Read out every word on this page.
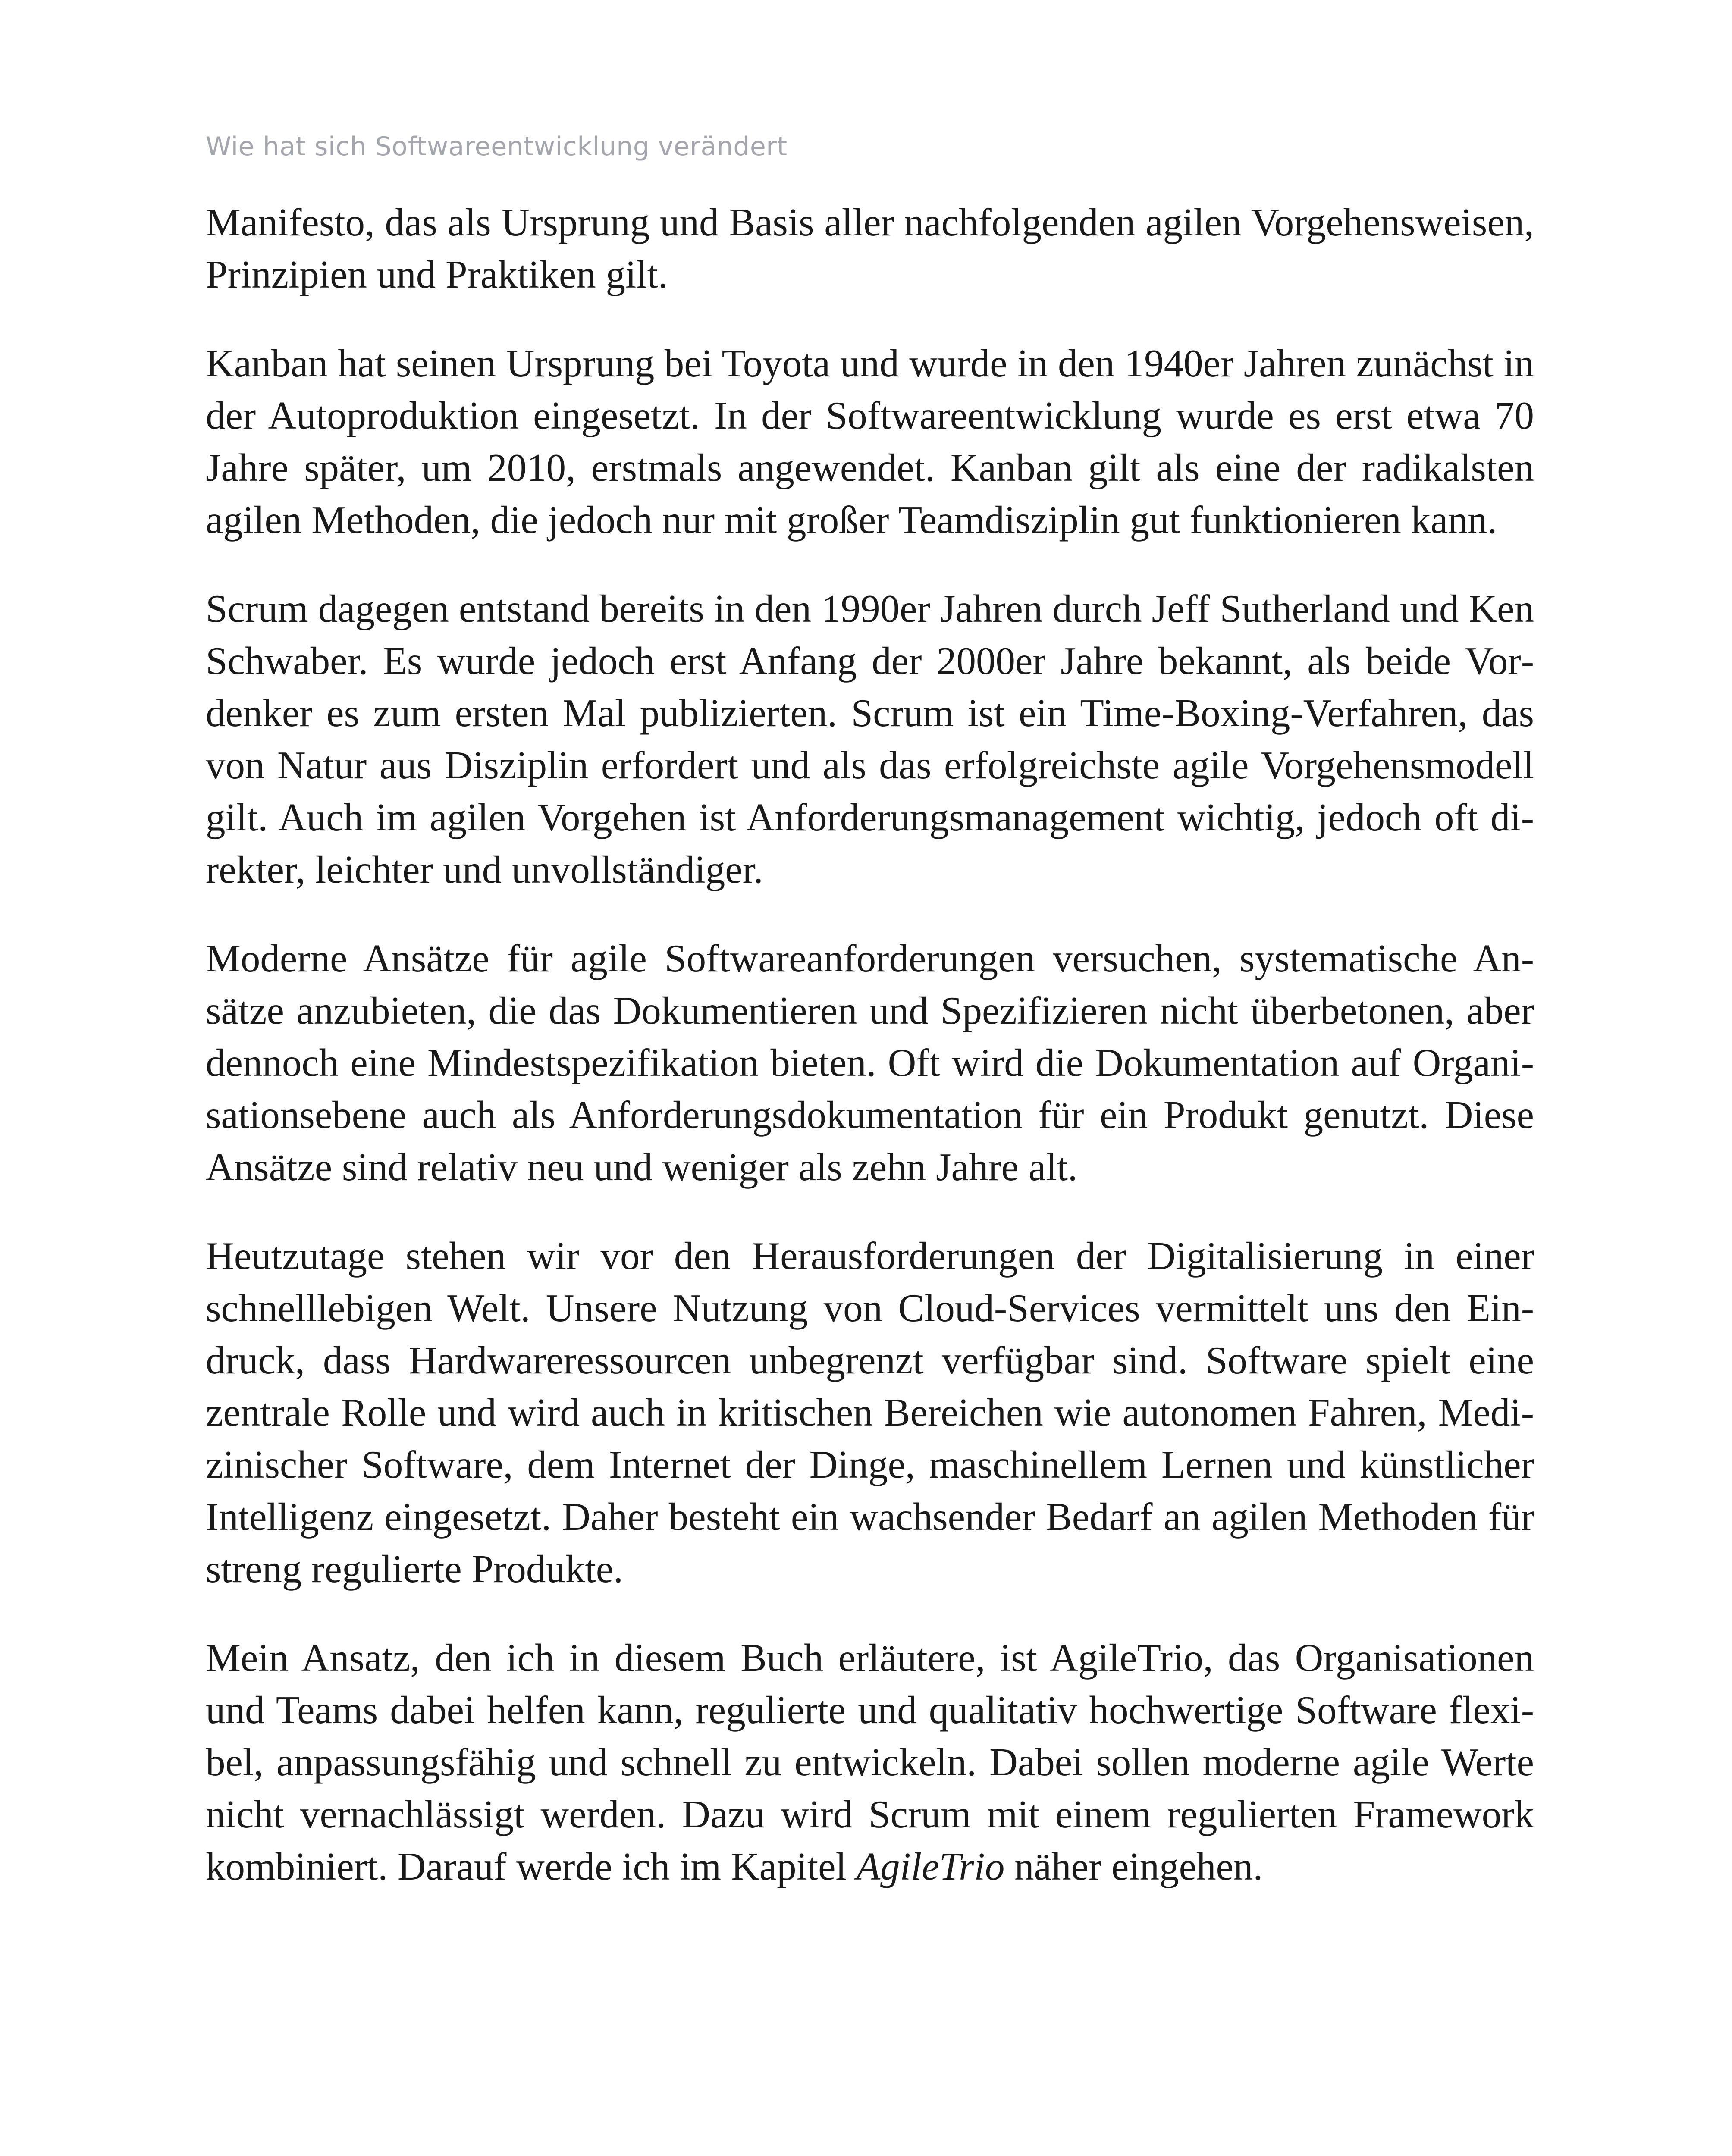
Wie hat sich Softwareentwicklung verändert

Manifesto, das als Ursprung und Basis aller nachfolgenden agilen Vorgehensweisen, Prinzipien und Praktiken gilt.

Kanban hat seinen Ursprung bei Toyota und wurde in den 1940er Jahren zunächst in der Autoproduktion eingesetzt. In der Softwareentwicklung wurde es erst etwa 70 Jahre später, um 2010, erstmals angewendet. Kanban gilt als eine der radikalsten agilen Methoden, die jedoch nur mit großer Teamdisziplin gut funktionieren kann.

Scrum dagegen entstand bereits in den 1990er Jahren durch Jeff Sutherland und Ken Schwaber. Es wurde jedoch erst Anfang der 2000er Jahre bekannt, als beide Vordenker es zum ersten Mal publizierten. Scrum ist ein Time-Boxing-Verfahren, das von Natur aus Disziplin erfordert und als das erfolgreichste agile Vorgehensmodell gilt. Auch im agilen Vorgehen ist Anforderungsmanagement wichtig, jedoch oft direkter, leichter und unvollständiger.

Moderne Ansätze für agile Softwareanforderungen versuchen, systematische Ansätze anzubieten, die das Dokumentieren und Spezifizieren nicht überbetonen, aber dennoch eine Mindestspezifikation bieten. Oft wird die Dokumentation auf Organisationsebene auch als Anforderungsdokumentation für ein Produkt genutzt. Diese Ansätze sind relativ neu und weniger als zehn Jahre alt.

Heutzutage stehen wir vor den Herausforderungen der Digitalisierung in einer schnelllebigen Welt. Unsere Nutzung von Cloud-Services vermittelt uns den Eindruck, dass Hardwareressourcen unbegrenzt verfügbar sind. Software spielt eine zentrale Rolle und wird auch in kritischen Bereichen wie autonomen Fahren, Medizinischer Software, dem Internet der Dinge, maschinellem Lernen und künstlicher Intelligenz eingesetzt. Daher besteht ein wachsender Bedarf an agilen Methoden für streng regulierte Produkte.

Mein Ansatz, den ich in diesem Buch erläutere, ist AgileTrio, das Organisationen und Teams dabei helfen kann, regulierte und qualitativ hochwertige Software flexibel, anpassungsfähig und schnell zu entwickeln. Dabei sollen moderne agile Werte nicht vernachlässigt werden. Dazu wird Scrum mit einem regulierten Framework kombiniert. Darauf werde ich im Kapitel AgileTrio näher eingehen.
